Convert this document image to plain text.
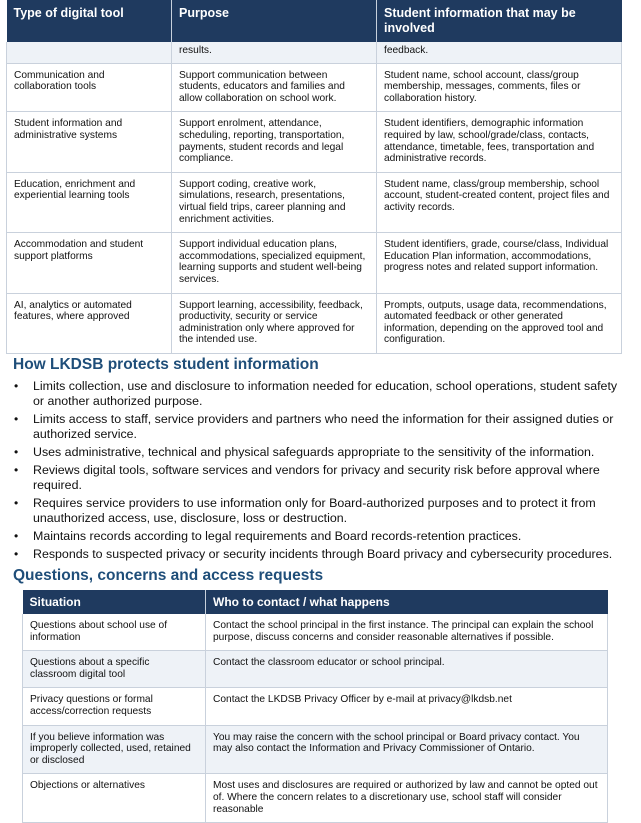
Type of digital tool	Purpose	Student information that may be involved
	results.	feedback.
Communication and collaboration tools	Support communication between students, educators and families and allow collaboration on school work.	Student name, school account, class/group membership, messages, comments, files or collaboration history.
Student information and administrative systems	Support enrolment, attendance, scheduling, reporting, transportation, payments, student records and legal compliance.	Student identifiers, demographic information required by law, school/grade/class, contacts, attendance, timetable, fees, transportation and administrative records.
Education, enrichment and experiential learning tools	Support coding, creative work, simulations, research, presentations, virtual field trips, career planning and enrichment activities.	Student name, class/group membership, school account, student-created content, project files and activity records.
Accommodation and student support platforms	Support individual education plans, accommodations, specialized equipment, learning supports and student well-being services.	Student identifiers, grade, course/class, Individual Education Plan information, accommodations, progress notes and related support information.
AI, analytics or automated features, where approved	Support learning, accessibility, feedback, productivity, security or service administration only where approved for the intended use.	Prompts, outputs, usage data, recommendations, automated feedback or other generated information, depending on the approved tool and configuration.
How LKDSB protects student information
• Limits collection, use and disclosure to information needed for education, school operations, student safety or another authorized purpose.
• Limits access to staff, service providers and partners who need the information for their assigned duties or authorized service.
• Uses administrative, technical and physical safeguards appropriate to the sensitivity of the information.
• Reviews digital tools, software services and vendors for privacy and security risk before approval where required.
• Requires service providers to use information only for Board-authorized purposes and to protect it from unauthorized access, use, disclosure, loss or destruction.
• Maintains records according to legal requirements and Board records-retention practices.
• Responds to suspected privacy or security incidents through Board privacy and cybersecurity procedures.
Questions, concerns and access requests
Situation	Who to contact / what happens
Questions about school use of information	Contact the school principal in the first instance. The principal can explain the school purpose, discuss concerns and consider reasonable alternatives if possible.
Questions about a specific classroom digital tool	Contact the classroom educator or school principal.
Privacy questions or formal access/correction requests	Contact the LKDSB Privacy Officer by e-mail at privacy@lkdsb.net
If you believe information was improperly collected, used, retained or disclosed	You may raise the concern with the school principal or Board privacy contact. You may also contact the Information and Privacy Commissioner of Ontario.
Objections or alternatives	Most uses and disclosures are required or authorized by law and cannot be opted out of. Where the concern relates to a discretionary use, school staff will consider reasonable
